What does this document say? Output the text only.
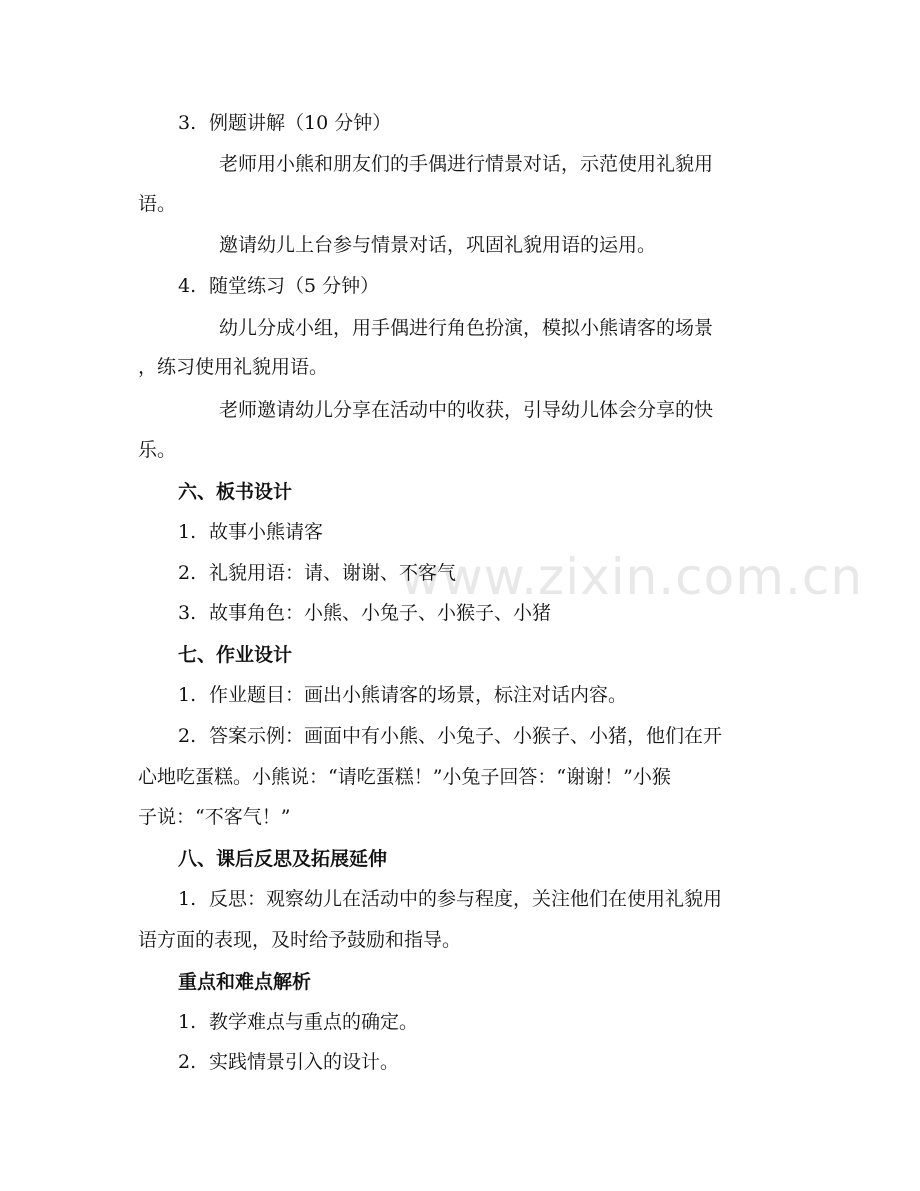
www.zixin.com.cn
3. 例题讲解（10 分钟）
老师用小熊和朋友们的手偶进行情景对话，示范使用礼貌用
语。
邀请幼儿上台参与情景对话，巩固礼貌用语的运用。
4. 随堂练习（5 分钟）
幼儿分成小组，用手偶进行角色扮演，模拟小熊请客的场景
，练习使用礼貌用语。
老师邀请幼儿分享在活动中的收获，引导幼儿体会分享的快
乐。
六、板书设计
1. 故事小熊请客
2. 礼貌用语：请、谢谢、不客气
3. 故事角色：小熊、小兔子、小猴子、小猪
七、作业设计
1. 作业题目：画出小熊请客的场景，标注对话内容。
2. 答案示例：画面中有小熊、小兔子、小猴子、小猪，他们在开
心地吃蛋糕。小熊说：“请吃蛋糕！”小兔子回答：“谢谢！”小猴
子说：“不客气！”
八、课后反思及拓展延伸
1. 反思：观察幼儿在活动中的参与程度，关注他们在使用礼貌用
语方面的表现，及时给予鼓励和指导。
重点和难点解析
1. 教学难点与重点的确定。
2. 实践情景引入的设计。
